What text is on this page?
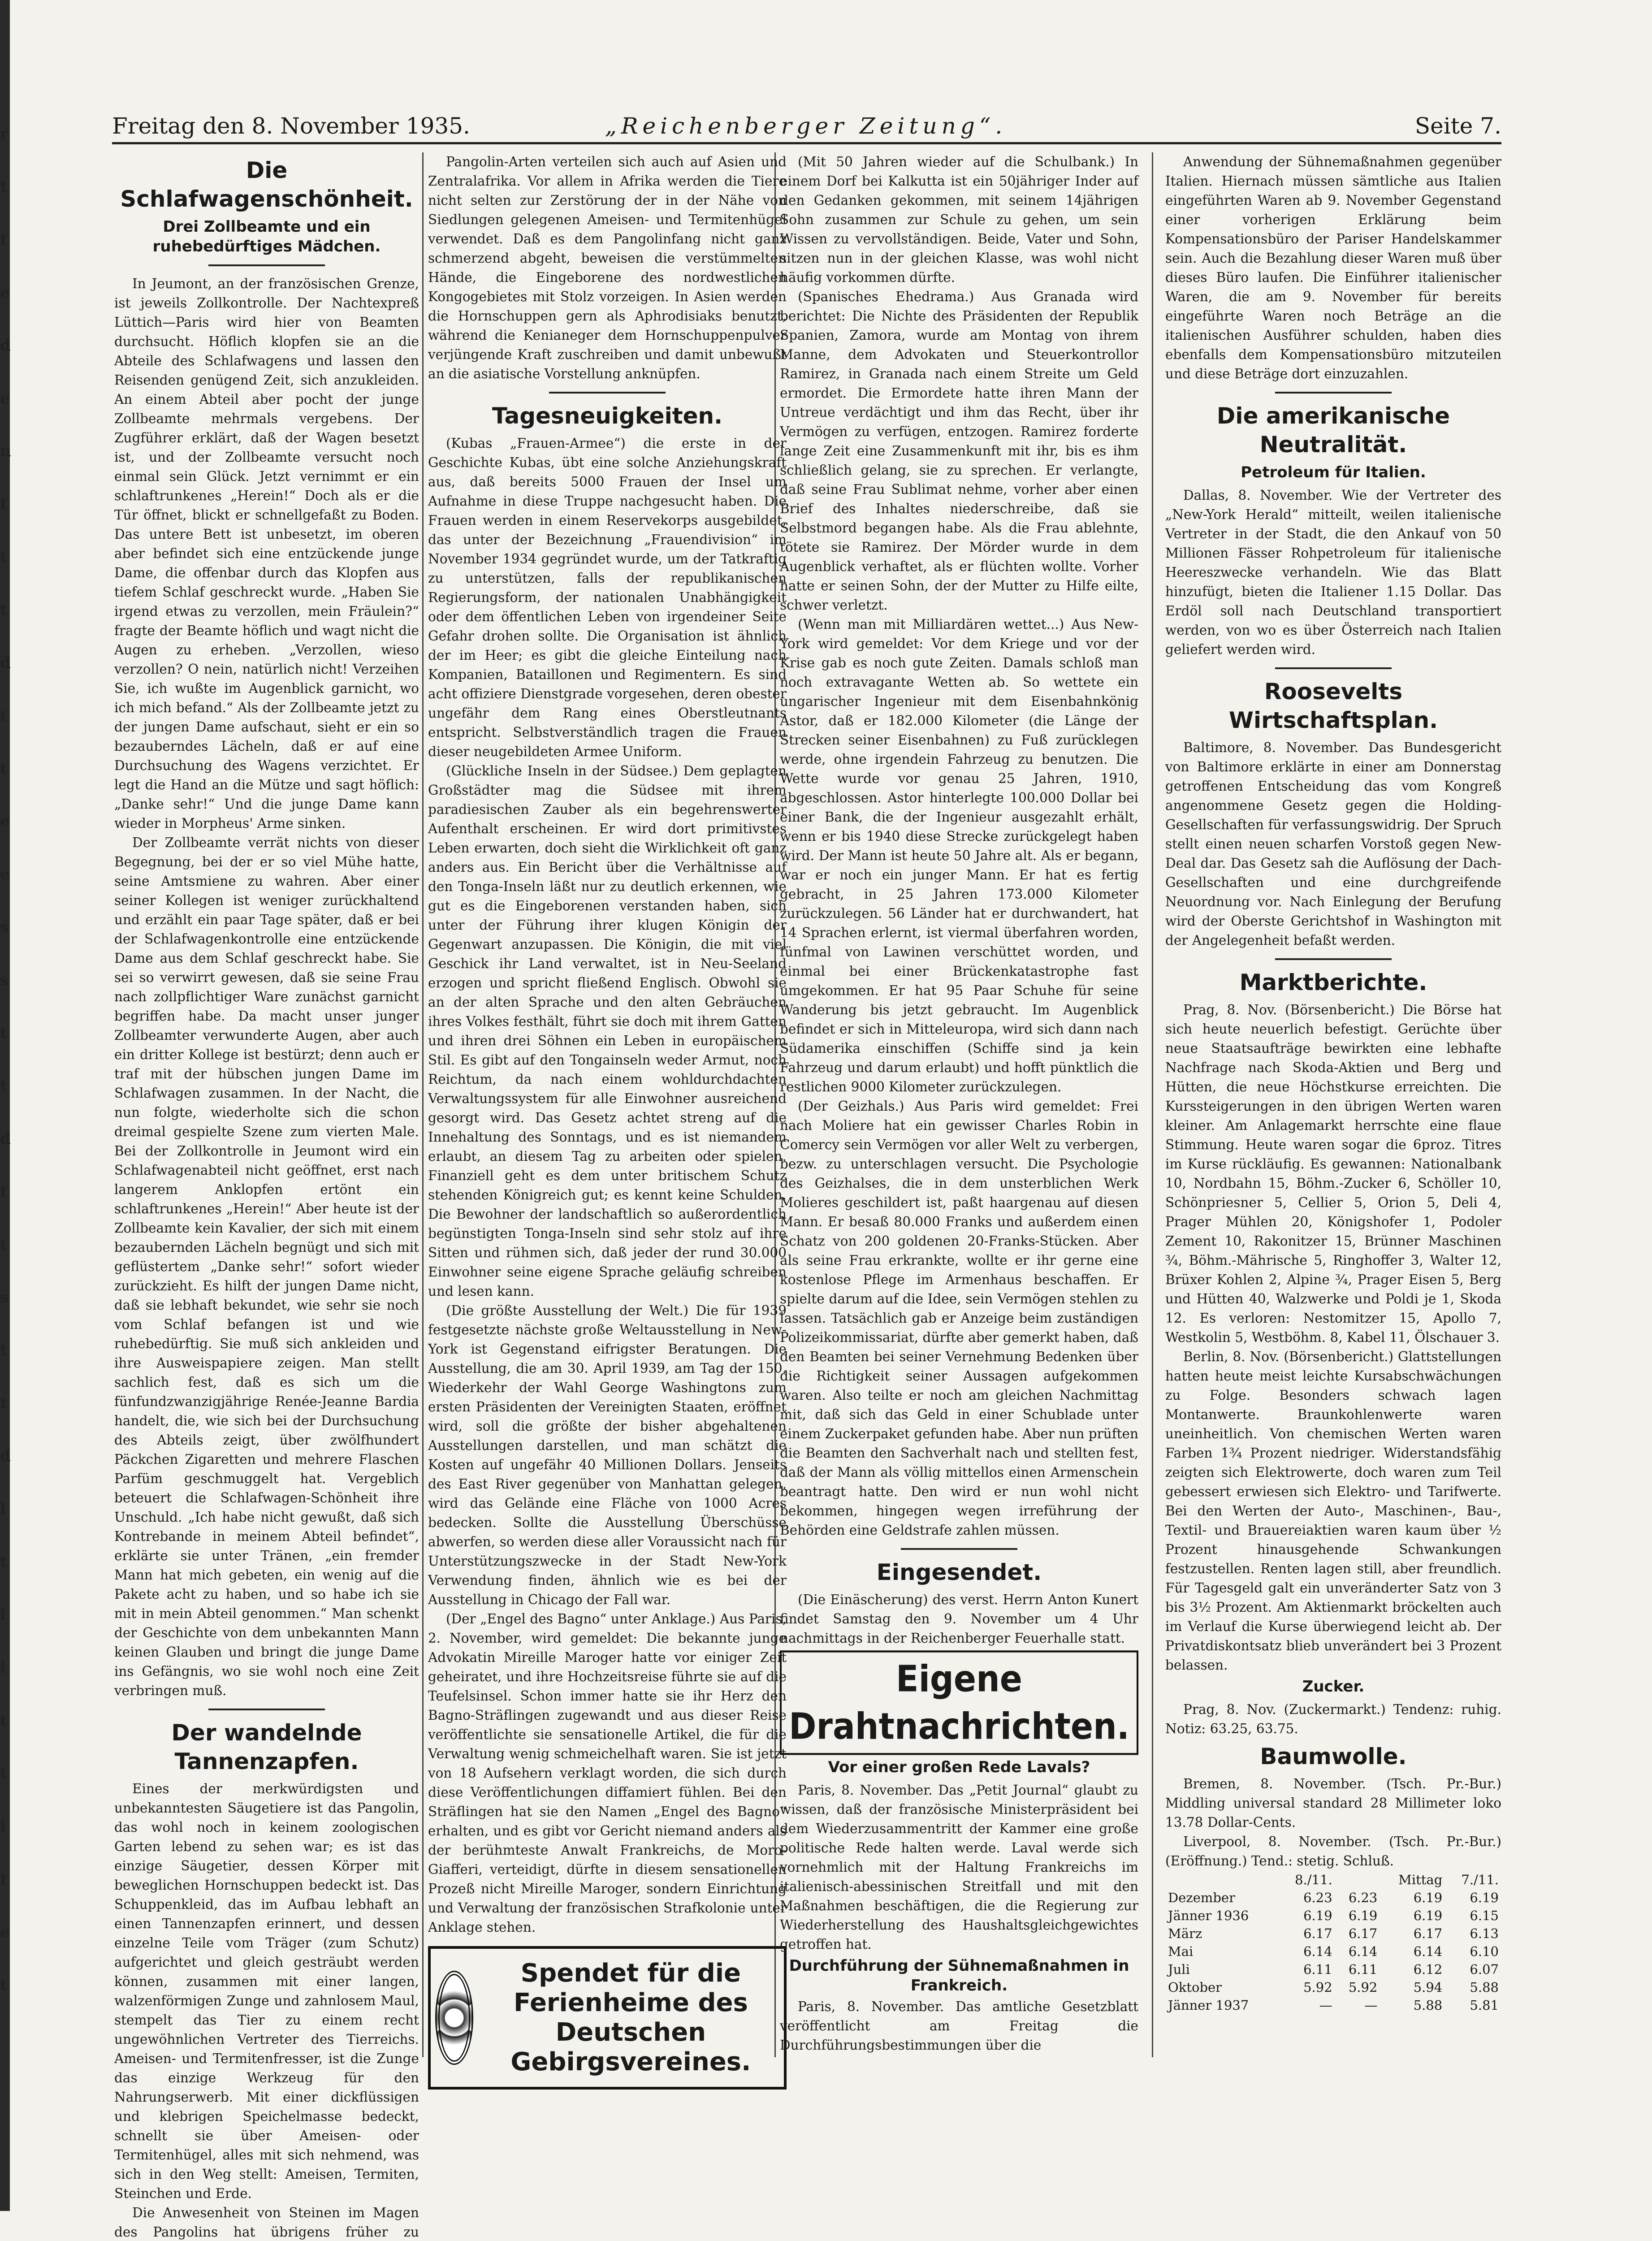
r
t
t
e
d
e
n
t
t
t
d
t
t
e
e
s
s
t
t
d
t
t
s
t
t
d
l
t
i
i
t
t
i
t
e
t
Freitag den 8. November 1935.	„Reichenberger Zeitung“.	Seite 7.
Die Schlafwagenschönheit.
Drei Zollbeamte und ein ruhebedürftiges Mädchen.

In Jeumont, an der französischen Grenze, ist jeweils Zollkontrolle. Der Nachtexpreß Lüttich—Paris wird hier von Beamten durchsucht. Höflich klopfen sie an die Abteile des Schlafwagens und lassen den Reisenden genügend Zeit, sich anzukleiden. An einem Abteil aber pocht der junge Zollbeamte mehrmals vergebens. Der Zugführer erklärt, daß der Wagen besetzt ist, und der Zollbeamte versucht noch einmal sein Glück. Jetzt vernimmt er ein schlaftrunkenes „Herein!“ Doch als er die Tür öffnet, blickt er schnellgefaßt zu Boden. Das untere Bett ist unbesetzt, im oberen aber befindet sich eine entzückende junge Dame, die offenbar durch das Klopfen aus tiefem Schlaf geschreckt wurde. „Haben Sie irgend etwas zu verzollen, mein Fräulein?“ fragte der Beamte höflich und wagt nicht die Augen zu erheben. „Verzollen, wieso verzollen? O nein, natürlich nicht! Verzeihen Sie, ich wußte im Augenblick garnicht, wo ich mich befand.“ Als der Zollbeamte jetzt zu der jungen Dame aufschaut, sieht er ein so bezauberndes Lächeln, daß er auf eine Durchsuchung des Wagens verzichtet. Er legt die Hand an die Mütze und sagt höflich: „Danke sehr!“ Und die junge Dame kann wieder in Morpheus' Arme sinken.

Der Zollbeamte verrät nichts von dieser Begegnung, bei der er so viel Mühe hatte, seine Amtsmiene zu wahren. Aber einer seiner Kollegen ist weniger zurückhaltend und erzählt ein paar Tage später, daß er bei der Schlafwagenkontrolle eine entzückende Dame aus dem Schlaf geschreckt habe. Sie sei so verwirrt gewesen, daß sie seine Frau nach zollpflichtiger Ware zunächst garnicht begriffen habe. Da macht unser junger Zollbeamter verwunderte Augen, aber auch ein dritter Kollege ist bestürzt; denn auch er traf mit der hübschen jungen Dame im Schlafwagen zusammen. In der Nacht, die nun folgte, wiederholte sich die schon dreimal gespielte Szene zum vierten Male. Bei der Zollkontrolle in Jeumont wird ein Schlafwagenabteil nicht geöffnet, erst nach langerem Anklopfen ertönt ein schlaftrunkenes „Herein!“ Aber heute ist der Zollbeamte kein Kavalier, der sich mit einem bezaubernden Lächeln begnügt und sich mit geflüstertem „Danke sehr!“ sofort wieder zurückzieht. Es hilft der jungen Dame nicht, daß sie lebhaft bekundet, wie sehr sie noch vom Schlaf befangen ist und wie ruhebedürftig. Sie muß sich ankleiden und ihre Ausweispapiere zeigen. Man stellt sachlich fest, daß es sich um die fünfundzwanzigjährige Renée-Jeanne Bardia handelt, die, wie sich bei der Durchsuchung des Abteils zeigt, über zwölfhundert Päckchen Zigaretten und mehrere Flaschen Parfüm geschmuggelt hat. Vergeblich beteuert die Schlafwagen-Schönheit ihre Unschuld. „Ich habe nicht gewußt, daß sich Kontrebande in meinem Abteil befindet“, erklärte sie unter Tränen, „ein fremder Mann hat mich gebeten, ein wenig auf die Pakete acht zu haben, und so habe ich sie mit in mein Abteil genommen.“ Man schenkt der Geschichte von dem unbekannten Mann keinen Glauben und bringt die junge Dame ins Gefängnis, wo sie wohl noch eine Zeit verbringen muß.

Der wandelnde Tannenzapfen.

Eines der merkwürdigsten und unbekanntesten Säugetiere ist das Pangolin, das wohl noch in keinem zoologischen Garten lebend zu sehen war; es ist das einzige Säugetier, dessen Körper mit beweglichen Hornschuppen bedeckt ist. Das Schuppenkleid, das im Aufbau lebhaft an einen Tannenzapfen erinnert, und dessen einzelne Teile vom Träger (zum Schutz) aufgerichtet und gleich gesträubt werden können, zusammen mit einer langen, walzenförmigen Zunge und zahnlosem Maul, stempelt das Tier zu einem recht ungewöhnlichen Vertreter des Tierreichs. Ameisen- und Termitenfresser, ist die Zunge das einzige Werkzeug für den Nahrungserwerb. Mit einer dickflüssigen und klebrigen Speichelmasse bedeckt, schnellt sie über Ameisen- oder Termitenhügel, alles mit sich nehmend, was sich in den Weg stellt: Ameisen, Termiten, Steinchen und Erde.

Die Anwesenheit von Steinen im Magen des Pangolins hat übrigens früher zu

Pangolin-Arten verteilen sich auch auf Asien und Zentralafrika. Vor allem in Afrika werden die Tiere nicht selten zur Zerstörung der in der Nähe von Siedlungen gelegenen Ameisen- und Termitenhügel verwendet. Daß es dem Pangolinfang nicht ganz schmerzend abgeht, beweisen die verstümmelten Hände, die Eingeborene des nordwestlichen Kongogebietes mit Stolz vorzeigen. In Asien werden die Hornschuppen gern als Aphrodisiaks benutzt, während die Kenianeger dem Hornschuppenpulver verjüngende Kraft zuschreiben und damit unbewußt an die asiatische Vorstellung anknüpfen.

Tagesneuigkeiten.

(Kubas „Frauen-Armee“) die erste in der Geschichte Kubas, übt eine solche Anziehungskraft aus, daß bereits 5000 Frauen der Insel um Aufnahme in diese Truppe nachgesucht haben. Die Frauen werden in einem Reservekorps ausgebildet, das unter der Bezeichnung „Frauendivision“ im November 1934 gegründet wurde, um der Tatkraftig zu unterstützen, falls der republikanischen Regierungsform, der nationalen Unabhängigkeit oder dem öffentlichen Leben von irgendeiner Seite Gefahr drohen sollte. Die Organisation ist ähnlich der im Heer; es gibt die gleiche Einteilung nach Kompanien, Bataillonen und Regimentern. Es sind acht offiziere Dienstgrade vorgesehen, deren obester ungefähr dem Rang eines Oberstleutnants entspricht. Selbstverständlich tragen die Frauen dieser neugebildeten Armee Uniform.

(Glückliche Inseln in der Südsee.) Dem geplagten Großstädter mag die Südsee mit ihrem paradiesischen Zauber als ein begehrenswerter Aufenthalt erscheinen. Er wird dort primitivstes Leben erwarten, doch sieht die Wirklichkeit oft ganz anders aus. Ein Bericht über die Verhältnisse auf den Tonga-Inseln läßt nur zu deutlich erkennen, wie gut es die Eingeborenen verstanden haben, sich unter der Führung ihrer klugen Königin der Gegenwart anzupassen. Die Königin, die mit viel Geschick ihr Land verwaltet, ist in Neu-Seeland erzogen und spricht fließend Englisch. Obwohl sie an der alten Sprache und den alten Gebräuchen ihres Volkes festhält, führt sie doch mit ihrem Gatten und ihren drei Söhnen ein Leben in europäischem Stil. Es gibt auf den Tongainseln weder Armut, noch Reichtum, da nach einem wohldurchdachten Verwaltungssystem für alle Einwohner ausreichend gesorgt wird. Das Gesetz achtet streng auf die Innehaltung des Sonntags, und es ist niemandem erlaubt, an diesem Tag zu arbeiten oder spielen. Finanziell geht es dem unter britischem Schutz stehenden Königreich gut; es kennt keine Schulden. Die Bewohner der landschaftlich so außerordentlich begünstigten Tonga-Inseln sind sehr stolz auf ihre Sitten und rühmen sich, daß jeder der rund 30.000 Einwohner seine eigene Sprache geläufig schreiben und lesen kann.

(Die größte Ausstellung der Welt.) Die für 1939 festgesetzte nächste große Weltausstellung in New-York ist Gegenstand eifrigster Beratungen. Die Ausstellung, die am 30. April 1939, am Tag der 150. Wiederkehr der Wahl George Washingtons zum ersten Präsidenten der Vereinigten Staaten, eröffnet wird, soll die größte der bisher abgehaltenen Ausstellungen darstellen, und man schätzt die Kosten auf ungefähr 40 Millionen Dollars. Jenseits des East River gegenüber von Manhattan gelegen, wird das Gelände eine Fläche von 1000 Acres bedecken. Sollte die Ausstellung Überschüsse abwerfen, so werden diese aller Voraussicht nach für Unterstützungszwecke in der Stadt New-York Verwendung finden, ähnlich wie es bei der Ausstellung in Chicago der Fall war.

(Der „Engel des Bagno“ unter Anklage.) Aus Paris, 2. November, wird gemeldet: Die bekannte junge Advokatin Mireille Maroger hatte vor einiger Zeit geheiratet, und ihre Hochzeitsreise führte sie auf die Teufelsinsel. Schon immer hatte sie ihr Herz den Bagno-Sträflingen zugewandt und aus dieser Reise veröffentlichte sie sensationelle Artikel, die für die Verwaltung wenig schmeichelhaft waren. Sie ist jetzt von 18 Aufsehern verklagt worden, die sich durch diese Veröffentlichungen diffamiert fühlen. Bei den Sträflingen hat sie den Namen „Engel des Bagno“ erhalten, und es gibt vor Gericht niemand anders als der berühmteste Anwalt Frankreichs, de Moro-Giafferi, verteidigt, dürfte in diesem sensationellen Prozeß nicht Mireille Maroger, sondern Einrichtung und Verwaltung der französischen Strafkolonie unter Anklage stehen.

Spendet für die Ferienheime des Deutschen Gebirgsvereines.

(Mit 50 Jahren wieder auf die Schulbank.) In einem Dorf bei Kalkutta ist ein 50jähriger Inder auf den Gedanken gekommen, mit seinem 14jährigen Sohn zusammen zur Schule zu gehen, um sein Wissen zu vervollständigen. Beide, Vater und Sohn, sitzen nun in der gleichen Klasse, was wohl nicht häufig vorkommen dürfte.

(Spanisches Ehedrama.) Aus Granada wird berichtet: Die Nichte des Präsidenten der Republik Spanien, Zamora, wurde am Montag von ihrem Manne, dem Advokaten und Steuerkontrollor Ramirez, in Granada nach einem Streite um Geld ermordet. Die Ermordete hatte ihren Mann der Untreue verdächtigt und ihm das Recht, über ihr Vermögen zu verfügen, entzogen. Ramirez forderte lange Zeit eine Zusammenkunft mit ihr, bis es ihm schließlich gelang, sie zu sprechen. Er verlangte, daß seine Frau Sublimat nehme, vorher aber einen Brief des Inhaltes niederschreibe, daß sie Selbstmord begangen habe. Als die Frau ablehnte, tötete sie Ramirez. Der Mörder wurde in dem Augenblick verhaftet, als er flüchten wollte. Vorher hatte er seinen Sohn, der der Mutter zu Hilfe eilte, schwer verletzt.

(Wenn man mit Milliardären wettet...) Aus New-York wird gemeldet: Vor dem Kriege und vor der Krise gab es noch gute Zeiten. Damals schloß man noch extravagante Wetten ab. So wettete ein ungarischer Ingenieur mit dem Eisenbahnkönig Astor, daß er 182.000 Kilometer (die Länge der Strecken seiner Eisenbahnen) zu Fuß zurücklegen werde, ohne irgendein Fahrzeug zu benutzen. Die Wette wurde vor genau 25 Jahren, 1910, abgeschlossen. Astor hinterlegte 100.000 Dollar bei einer Bank, die der Ingenieur ausgezahlt erhält, wenn er bis 1940 diese Strecke zurückgelegt haben wird. Der Mann ist heute 50 Jahre alt. Als er begann, war er noch ein junger Mann. Er hat es fertig gebracht, in 25 Jahren 173.000 Kilometer zurückzulegen. 56 Länder hat er durchwandert, hat 14 Sprachen erlernt, ist viermal überfahren worden, fünfmal von Lawinen verschüttet worden, und einmal bei einer Brückenkatastrophe fast umgekommen. Er hat 95 Paar Schuhe für seine Wanderung bis jetzt gebraucht. Im Augenblick befindet er sich in Mitteleuropa, wird sich dann nach Südamerika einschiffen (Schiffe sind ja kein Fahrzeug und darum erlaubt) und hofft pünktlich die restlichen 9000 Kilometer zurückzulegen.

(Der Geizhals.) Aus Paris wird gemeldet: Frei nach Moliere hat ein gewisser Charles Robin in Comercy sein Vermögen vor aller Welt zu verbergen, bezw. zu unterschlagen versucht. Die Psychologie des Geizhalses, die in dem unsterblichen Werk Molieres geschildert ist, paßt haargenau auf diesen Mann. Er besaß 80.000 Franks und außerdem einen Schatz von 200 goldenen 20-Franks-Stücken. Aber als seine Frau erkrankte, wollte er ihr gerne eine kostenlose Pflege im Armenhaus beschaffen. Er spielte darum auf die Idee, sein Vermögen stehlen zu lassen. Tatsächlich gab er Anzeige beim zuständigen Polizeikommissariat, dürfte aber gemerkt haben, daß den Beamten bei seiner Vernehmung Bedenken über die Richtigkeit seiner Aussagen aufgekommen waren. Also teilte er noch am gleichen Nachmittag mit, daß sich das Geld in einer Schublade unter einem Zuckerpaket gefunden habe. Aber nun prüften die Beamten den Sachverhalt nach und stellten fest, daß der Mann als völlig mittellos einen Armenschein beantragt hatte. Den wird er nun wohl nicht bekommen, hingegen wegen irreführung der Behörden eine Geldstrafe zahlen müssen.

Eingesendet.

(Die Einäscherung) des verst. Herrn Anton Kunert findet Samstag den 9. November um 4 Uhr nachmittags in der Reichenberger Feuerhalle statt.

Eigene Drahtnachrichten.
Vor einer großen Rede Lavals?

Paris, 8. November. Das „Petit Journal“ glaubt zu wissen, daß der französische Ministerpräsident bei dem Wiederzusammentritt der Kammer eine große politische Rede halten werde. Laval werde sich vornehmlich mit der Haltung Frankreichs im italienisch-abessinischen Streitfall und mit den Maßnahmen beschäftigen, die die Regierung zur Wiederherstellung des Haushaltsgleichgewichtes getroffen hat.

Durchführung der Sühnemaßnahmen in Frankreich.

Paris, 8. November. Das amtliche Gesetzblatt veröffentlicht am Freitag die Durchführungsbestimmungen über die

Anwendung der Sühnemaßnahmen gegenüber Italien. Hiernach müssen sämtliche aus Italien eingeführten Waren ab 9. November Gegenstand einer vorherigen Erklärung beim Kompensationsbüro der Pariser Handelskammer sein. Auch die Bezahlung dieser Waren muß über dieses Büro laufen. Die Einführer italienischer Waren, die am 9. November für bereits eingeführte Waren noch Beträge an die italienischen Ausführer schulden, haben dies ebenfalls dem Kompensationsbüro mitzuteilen und diese Beträge dort einzuzahlen.

Die amerikanische Neutralität.
Petroleum für Italien.

Dallas, 8. November. Wie der Vertreter des „New-York Herald“ mitteilt, weilen italienische Vertreter in der Stadt, die den Ankauf von 50 Millionen Fässer Rohpetroleum für italienische Heereszwecke verhandeln. Wie das Blatt hinzufügt, bieten die Italiener 1.15 Dollar. Das Erdöl soll nach Deutschland transportiert werden, von wo es über Österreich nach Italien geliefert werden wird.

Roosevelts Wirtschaftsplan.

Baltimore, 8. November. Das Bundesgericht von Baltimore erklärte in einer am Donnerstag getroffenen Entscheidung das vom Kongreß angenommene Gesetz gegen die Holding-Gesellschaften für verfassungswidrig. Der Spruch stellt einen neuen scharfen Vorstoß gegen New-Deal dar. Das Gesetz sah die Auflösung der Dach-Gesellschaften und eine durchgreifende Neuordnung vor. Nach Einlegung der Berufung wird der Oberste Gerichtshof in Washington mit der Angelegenheit befaßt werden.

Marktberichte.

Prag, 8. Nov. (Börsenbericht.) Die Börse hat sich heute neuerlich befestigt. Gerüchte über neue Staatsaufträge bewirkten eine lebhafte Nachfrage nach Skoda-Aktien und Berg und Hütten, die neue Höchstkurse erreichten. Die Kurssteigerungen in den übrigen Werten waren kleiner. Am Anlagemarkt herrschte eine flaue Stimmung. Heute waren sogar die 6proz. Titres im Kurse rückläufig. Es gewannen: Nationalbank 10, Nordbahn 15, Böhm.-Zucker 6, Schöller 10, Schönpriesner 5, Cellier 5, Orion 5, Deli 4, Prager Mühlen 20, Königshofer 1, Podoler Zement 10, Rakonitzer 15, Brünner Maschinen ¾, Böhm.-Mährische 5, Ringhoffer 3, Walter 12, Brüxer Kohlen 2, Alpine ¾, Prager Eisen 5, Berg und Hütten 40, Walzwerke und Poldi je 1, Skoda 12. Es verloren: Nestomitzer 15, Apollo 7, Westkolin 5, Westböhm. 8, Kabel 11, Ölschauer 3.

Berlin, 8. Nov. (Börsenbericht.) Glattstellungen hatten heute meist leichte Kursabschwächungen zu Folge. Besonders schwach lagen Montanwerte. Braunkohlenwerte waren uneinheitlich. Von chemischen Werten waren Farben 1¾ Prozent niedriger. Widerstandsfähig zeigten sich Elektrowerte, doch waren zum Teil gebessert erwiesen sich Elektro- und Tarifwerte. Bei den Werten der Auto-, Maschinen-, Bau-, Textil- und Brauereiaktien waren kaum über ½ Prozent hinausgehende Schwankungen festzustellen. Renten lagen still, aber freundlich. Für Tagesgeld galt ein unveränderter Satz von 3 bis 3½ Prozent. Am Aktienmarkt bröckelten auch im Verlauf die Kurse überwiegend leicht ab. Der Privatdiskontsatz blieb unverändert bei 3 Prozent belassen.

Zucker.

Prag, 8. Nov. (Zuckermarkt.) Tendenz: ruhig. Notiz: 63.25, 63.75.

Baumwolle.

Bremen, 8. November. (Tsch. Pr.-Bur.) Middling universal standard 28 Millimeter loko 13.78 Dollar-Cents.

Liverpool, 8. November. (Tsch. Pr.-Bur.) (Eröffnung.) Tend.: stetig. Schluß.

	8./11.		Mittag	7./11.
Dezember	6.23	6.23	6.19	6.19
Jänner 1936	6.19	6.19	6.19	6.15
März	6.17	6.17	6.17	6.13
Mai	6.14	6.14	6.14	6.10
Juli	6.11	6.11	6.12	6.07
Oktober	5.92	5.92	5.94	5.88
Jänner 1937	—	—	5.88	5.81
